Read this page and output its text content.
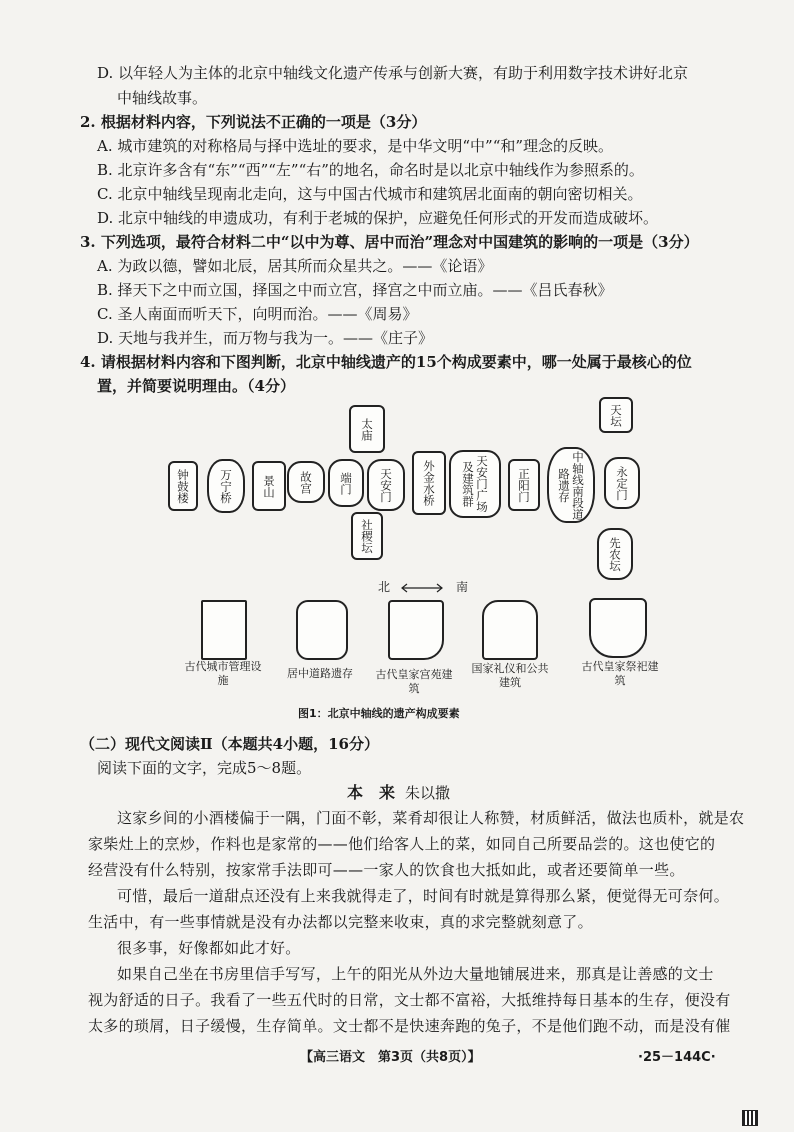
D. 以年轻人为主体的北京中轴线文化遗产传承与创新大赛，有助于利用数字技术讲好北京
中轴线故事。
2. 根据材料内容，下列说法不正确的一项是（3分）
A. 城市建筑的对称格局与择中选址的要求，是中华文明“中”“和”理念的反映。
B. 北京许多含有“东”“西”“左”“右”的地名，命名时是以北京中轴线作为参照系的。
C. 北京中轴线呈现南北走向，这与中国古代城市和建筑居北面南的朝向密切相关。
D. 北京中轴线的申遗成功，有利于老城的保护，应避免任何形式的开发而造成破坏。
3. 下列选项，最符合材料二中“以中为尊、居中而治”理念对中国建筑的影响的一项是（3分）
A. 为政以德，譬如北辰，居其所而众星共之。——《论语》
B. 择天下之中而立国，择国之中而立宫，择宫之中而立庙。——《吕氏春秋》
C. 圣人南面而听天下，向明而治。——《周易》
D. 天地与我并生，而万物与我为一。——《庄子》
4. 请根据材料内容和下图判断，北京中轴线遗产的15个构成要素中，哪一处属于最核心的位
置，并简要说明理由。（4分）
太庙
天坛
钟鼓楼	万宁桥	景山	故宫	端门	天安门	外金水桥	天安门广场及建筑群	正阳门	中轴线南段道路遗存	永定门
社稷坛
先农坛
北	南
古代城市管理设施
居中道路遗存	古代皇家宫苑建筑
国家礼仪和公共建筑
古代皇家祭祀建筑
图1：北京中轴线的遗产构成要素
（二）现代文阅读Ⅱ（本题共4小题，16分）
阅读下面的文字，完成5～8题。
本　来 朱以撒
这家乡间的小酒楼偏于一隅，门面不彰，菜肴却很让人称赞，材质鲜活，做法也质朴，就是农
家柴灶上的烹炒，作料也是家常的——他们给客人上的菜，如同自己所要品尝的。这也使它的
经营没有什么特别，按家常手法即可——一家人的饮食也大抵如此，或者还要简单一些。
可惜，最后一道甜点还没有上来我就得走了，时间有时就是算得那么紧，便觉得无可奈何。
生活中，有一些事情就是没有办法都以完整来收束，真的求完整就刻意了。
很多事，好像都如此才好。
如果自己坐在书房里信手写写，上午的阳光从外边大量地铺展进来，那真是让善感的文士
视为舒适的日子。我看了一些五代时的日常，文士都不富裕，大抵维持每日基本的生存，便没有
太多的琐屑，日子缓慢，生存简单。文士都不是快速奔跑的兔子，不是他们跑不动，而是没有催
【高三语文　第3页（共8页）】	·25－144C·
